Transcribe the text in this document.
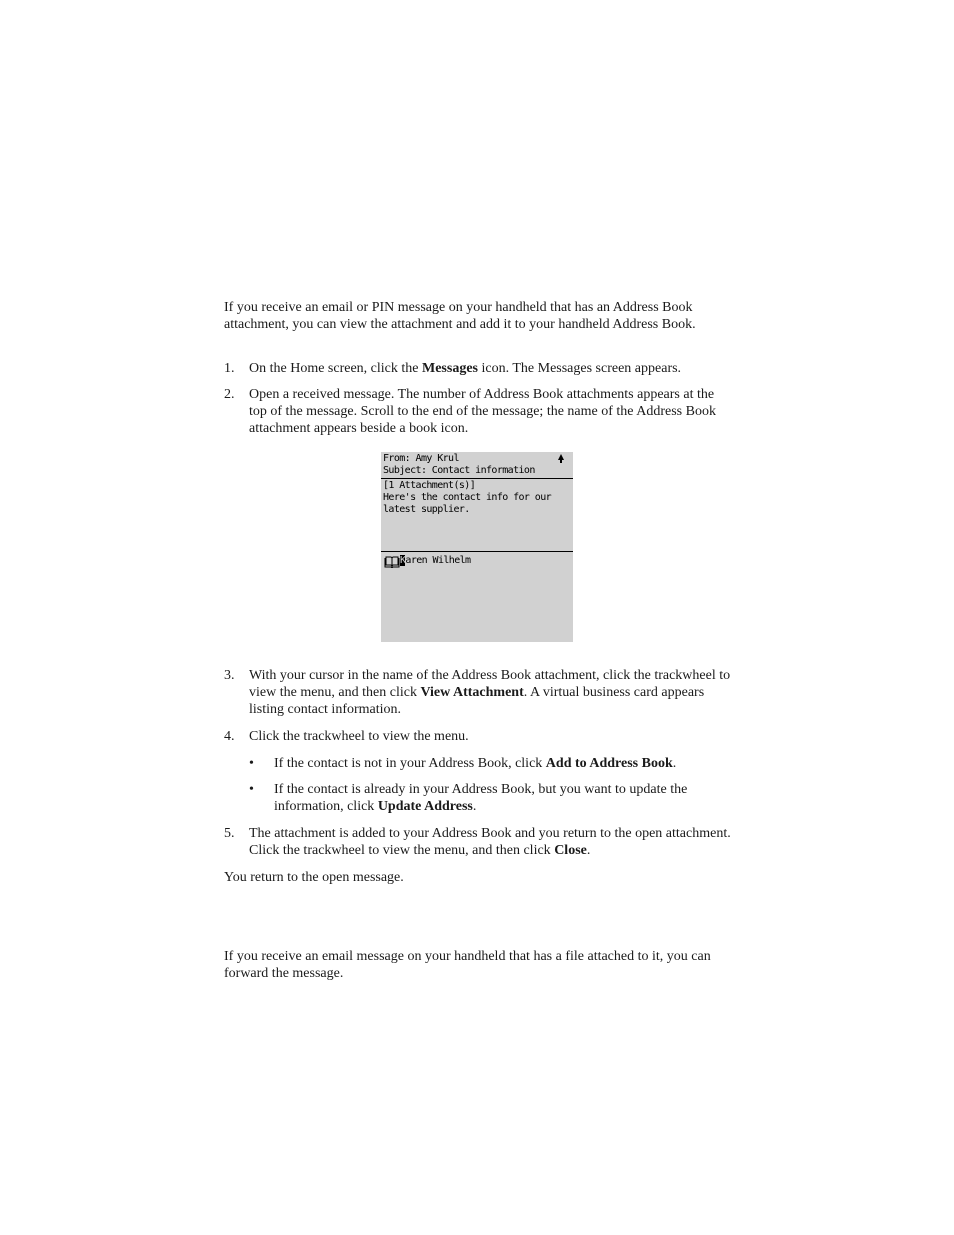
If you receive an email or PIN message on your handheld that has an Address Book attachment, you can view the attachment and add it to your handheld Address Book.

1.	On the Home screen, click the Messages icon. The Messages screen appears.
2.	Open a received message. The number of Address Book attachments appears at the top of the message. Scroll to the end of the message; the name of the Address Book attachment appears beside a book icon.
From: Amy Krul
Subject: Contact information
[1 Attachment(s)]
Here's the contact info for our
latest supplier.
Karen Wilhelm
3.	With your cursor in the name of the Address Book attachment, click the trackwheel to view the menu, and then click View Attachment. A virtual business card appears listing contact information.
4.	Click the trackwheel to view the menu.
•	If the contact is not in your Address Book, click Add to Address Book.
•	If the contact is already in your Address Book, but you want to update the information, click Update Address.
5.	The attachment is added to your Address Book and you return to the open attachment. Click the trackwheel to view the menu, and then click Close.

You return to the open message.

If you receive an email message on your handheld that has a file attached to it, you can forward the message.
